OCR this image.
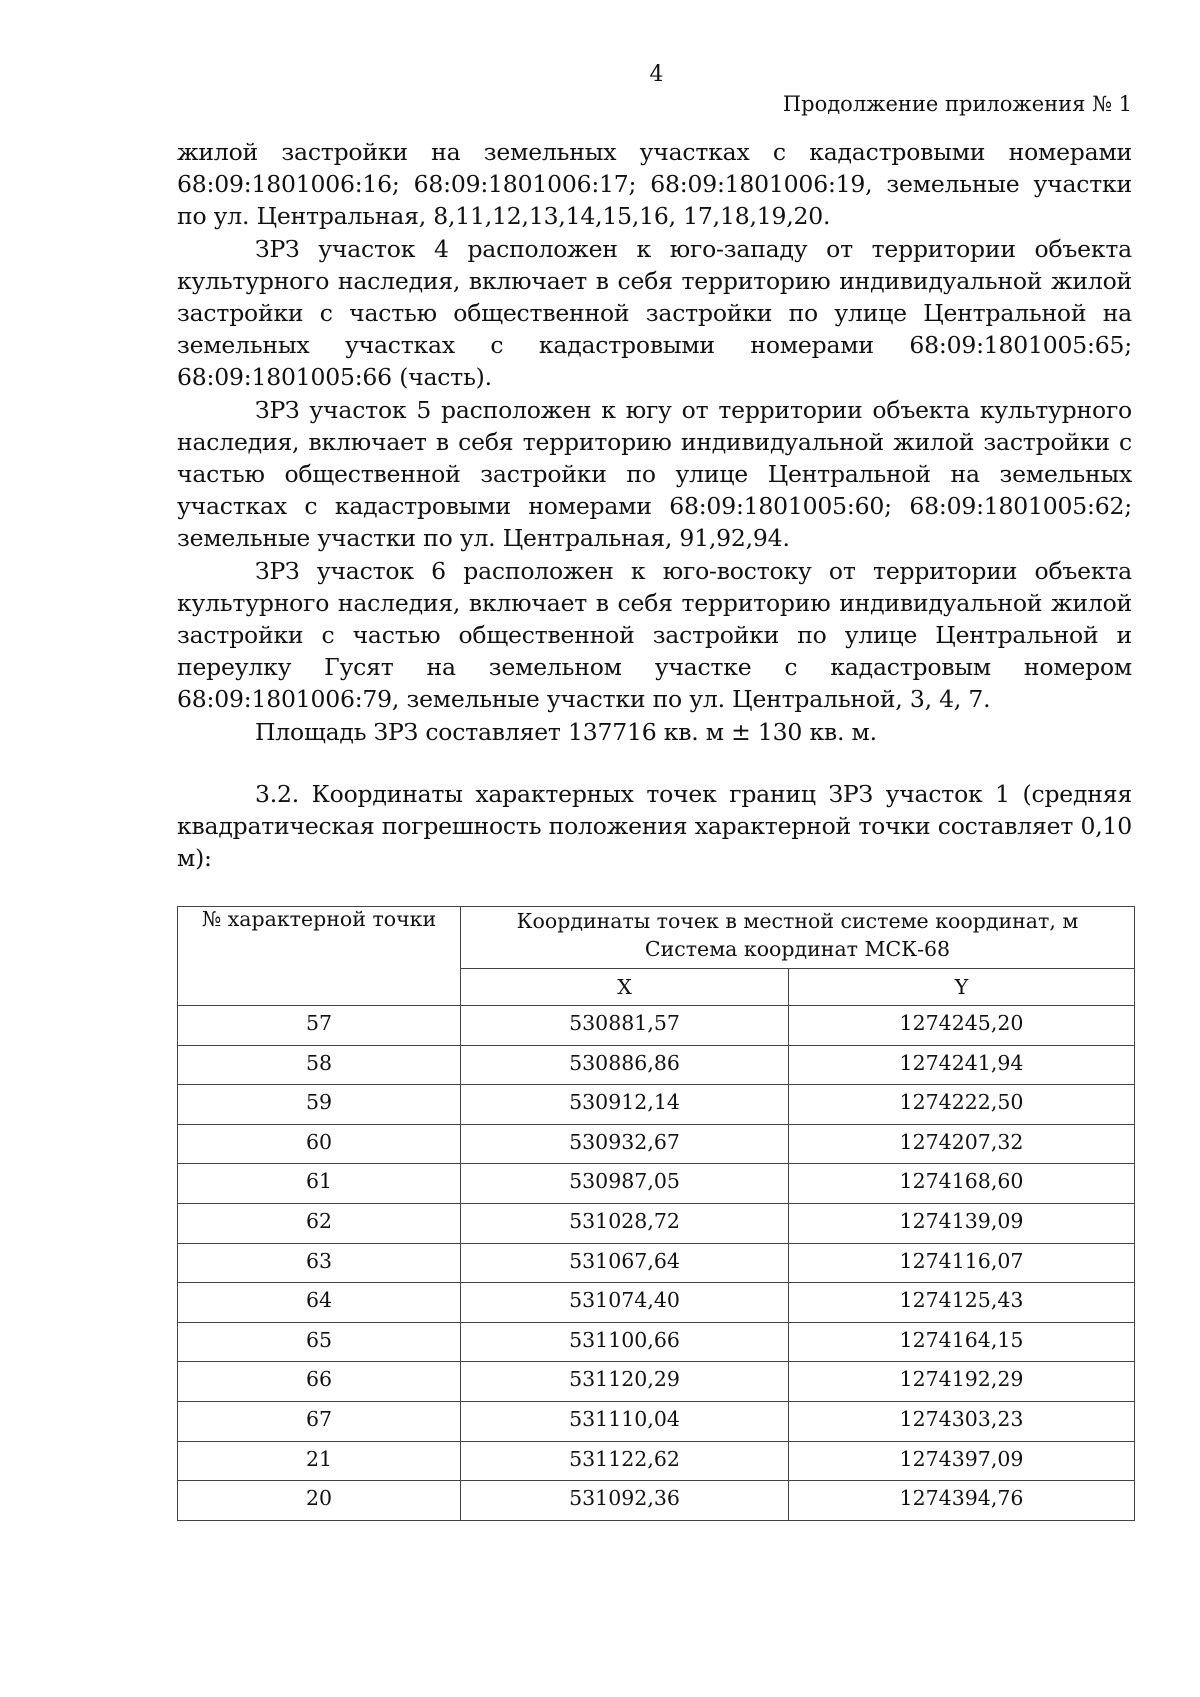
4
Продолжение приложения № 1

жилой застройки на земельных участках с кадастровыми номерами 68:09:1801006:16; 68:09:1801006:17; 68:09:1801006:19, земельные участки по ул. Центральная, 8,11,12,13,14,15,16, 17,18,19,20.

ЗРЗ участок 4 расположен к юго-западу от территории объекта культурного наследия, включает в себя территорию индивидуальной жилой застройки с частью общественной застройки по улице Центральной на земельных участках с кадастровыми номерами 68:09:1801005:65; 68:09:1801005:66 (часть).

ЗРЗ участок 5 расположен к югу от территории объекта культурного наследия, включает в себя территорию индивидуальной жилой застройки с частью общественной застройки по улице Центральной на земельных участках с кадастровыми номерами 68:09:1801005:60; 68:09:1801005:62; земельные участки по ул. Центральная, 91,92,94.

ЗРЗ участок 6 расположен к юго-востоку от территории объекта культурного наследия, включает в себя территорию индивидуальной жилой застройки с частью общественной застройки по улице Центральной и переулку Гусят на земельном участке с кадастровым номером 68:09:1801006:79, земельные участки по ул. Центральной, 3, 4, 7.

Площадь ЗРЗ составляет 137716 кв. м ± 130 кв. м.

3.2. Координаты характерных точек границ ЗРЗ участок 1 (средняя квадратическая погрешность положения характерной точки составляет 0,10 м):

№ характерной точки	Координаты точек в местной системе координат, м
Система координат МСК-68	

	X	Y
57	530881,57	1274245,20
58	530886,86	1274241,94
59	530912,14	1274222,50
60	530932,67	1274207,32
61	530987,05	1274168,60
62	531028,72	1274139,09
63	531067,64	1274116,07
64	531074,40	1274125,43
65	531100,66	1274164,15
66	531120,29	1274192,29
67	531110,04	1274303,23
21	531122,62	1274397,09
20	531092,36	1274394,76
